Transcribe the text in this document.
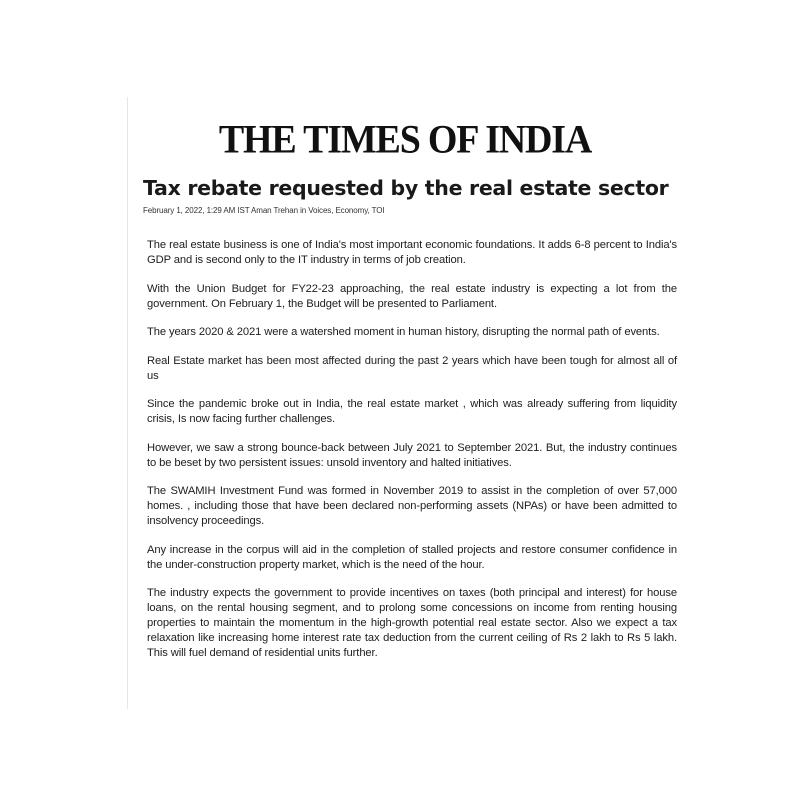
THE TIMES OF INDIA
Tax rebate requested by the real estate sector
February 1, 2022, 1:29 AM IST Aman Trehan in Voices, Economy, TOI

The real estate business is one of India's most important economic foundations. It adds 6-8 percent to India's GDP and is second only to the IT industry in terms of job creation.

With the Union Budget for FY22-23 approaching, the real estate industry is expecting a lot from the government. On February 1, the Budget will be presented to Parliament.

The years 2020 & 2021 were a watershed moment in human history, disrupting the normal path of events.

Real Estate market has been most affected during the past 2 years which have been tough for almost all of us

Since the pandemic broke out in India, the real estate market , which was already suffering from liquidity crisis, Is now facing further challenges.

However, we saw a strong bounce-back between July 2021 to September 2021. But, the industry continues to be beset by two persistent issues: unsold inventory and halted initiatives.

The SWAMIH Investment Fund was formed in November 2019 to assist in the completion of over 57,000 homes. , including those that have been declared non-performing assets (NPAs) or have been admitted to insolvency proceedings.

Any increase in the corpus will aid in the completion of stalled projects and restore consumer confidence in the under-construction property market, which is the need of the hour.

The industry expects the government to provide incentives on taxes (both principal and interest) for house loans, on the rental housing segment, and to prolong some concessions on income from renting housing properties to maintain the momentum in the high-growth potential real estate sector. Also we expect a tax relaxation like increasing home interest rate tax deduction from the current ceiling of Rs 2 lakh to Rs 5 lakh. This will fuel demand of residential units further.
